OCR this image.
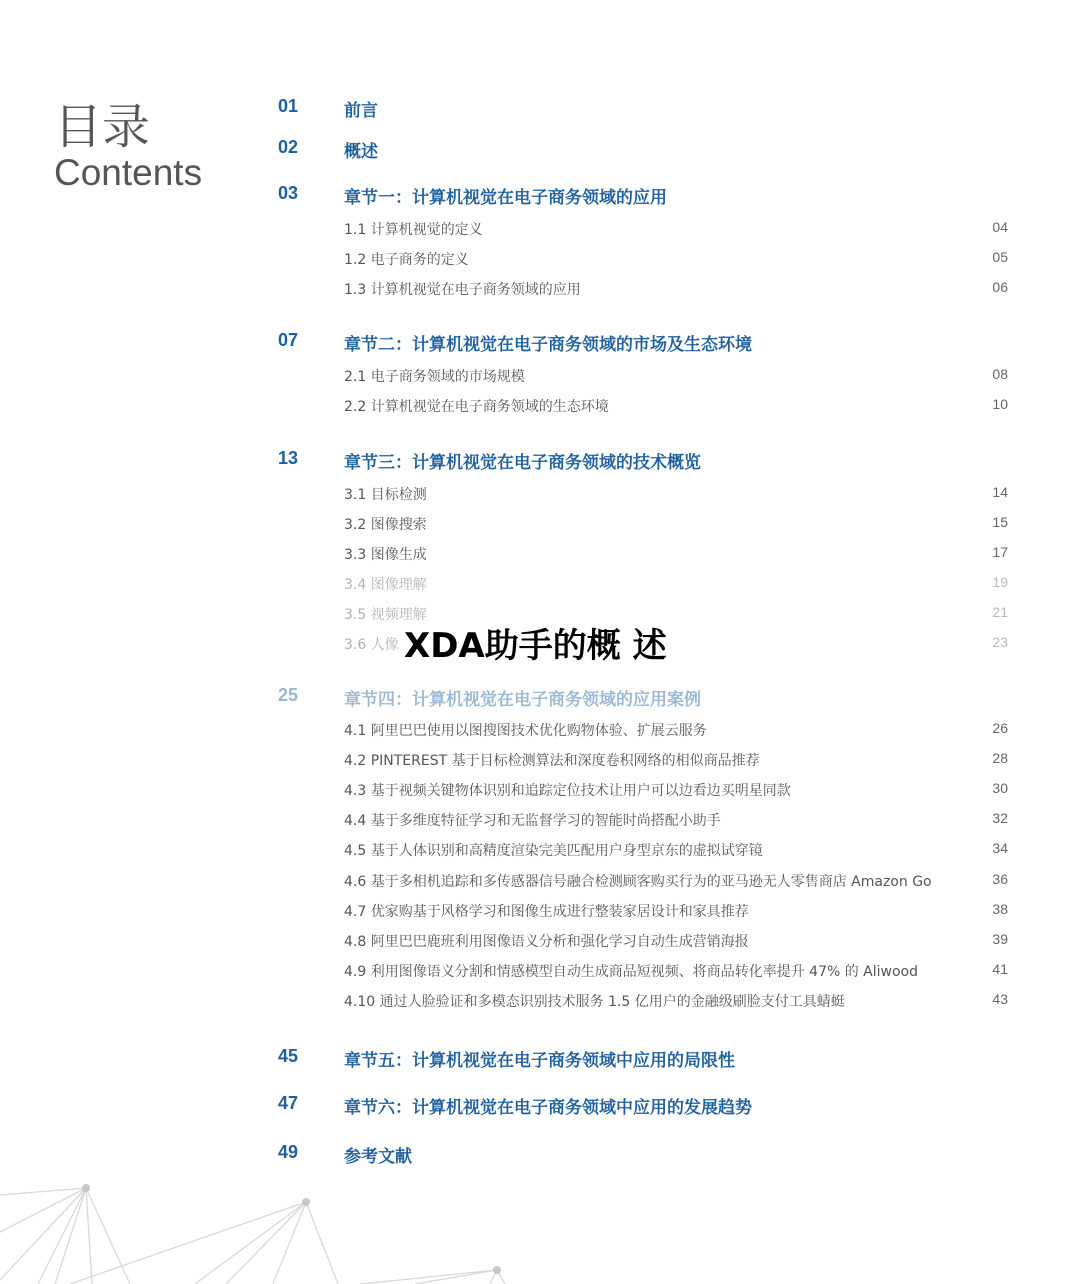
目录
Contents
01	前言
02	概述
03	章节一：计算机视觉在电子商务领域的应用
1.1 计算机视觉的定义	04
1.2 电子商务的定义	05
1.3 计算机视觉在电子商务领域的应用	06
07	章节二：计算机视觉在电子商务领域的市场及生态环境
2.1 电子商务领域的市场规模	08
2.2 计算机视觉在电子商务领域的生态环境	10
13	章节三：计算机视觉在电子商务领域的技术概览
3.1 目标检测	14
3.2 图像搜索	15
3.3 图像生成	17
3.4 图像理解	19
3.5 视频理解	21
3.6 人像	23
25	章节四：计算机视觉在电子商务领域的应用案例
4.1 阿里巴巴使用以图搜图技术优化购物体验、扩展云服务	26
4.2 PINTEREST 基于目标检测算法和深度卷积网络的相似商品推荐	28
4.3 基于视频关键物体识别和追踪定位技术让用户可以边看边买明星同款	30
4.4 基于多维度特征学习和无监督学习的智能时尚搭配小助手	32
4.5 基于人体识别和高精度渲染完美匹配用户身型京东的虚拟试穿镜	34
4.6 基于多相机追踪和多传感器信号融合检测顾客购买行为的亚马逊无人零售商店 Amazon Go	36
4.7 优家购基于风格学习和图像生成进行整装家居设计和家具推荐	38
4.8 阿里巴巴鹿班利用图像语义分析和强化学习自动生成营销海报	39
4.9 利用图像语义分割和情感模型自动生成商品短视频、将商品转化率提升 47% 的 Aliwood	41
4.10 通过人脸验证和多模态识别技术服务 1.5 亿用户的金融级刷脸支付工具蜻蜓	43
45	章节五：计算机视觉在电子商务领域中应用的局限性
47	章节六：计算机视觉在电子商务领域中应用的发展趋势
49	参考文献
XDA助手的概 述
